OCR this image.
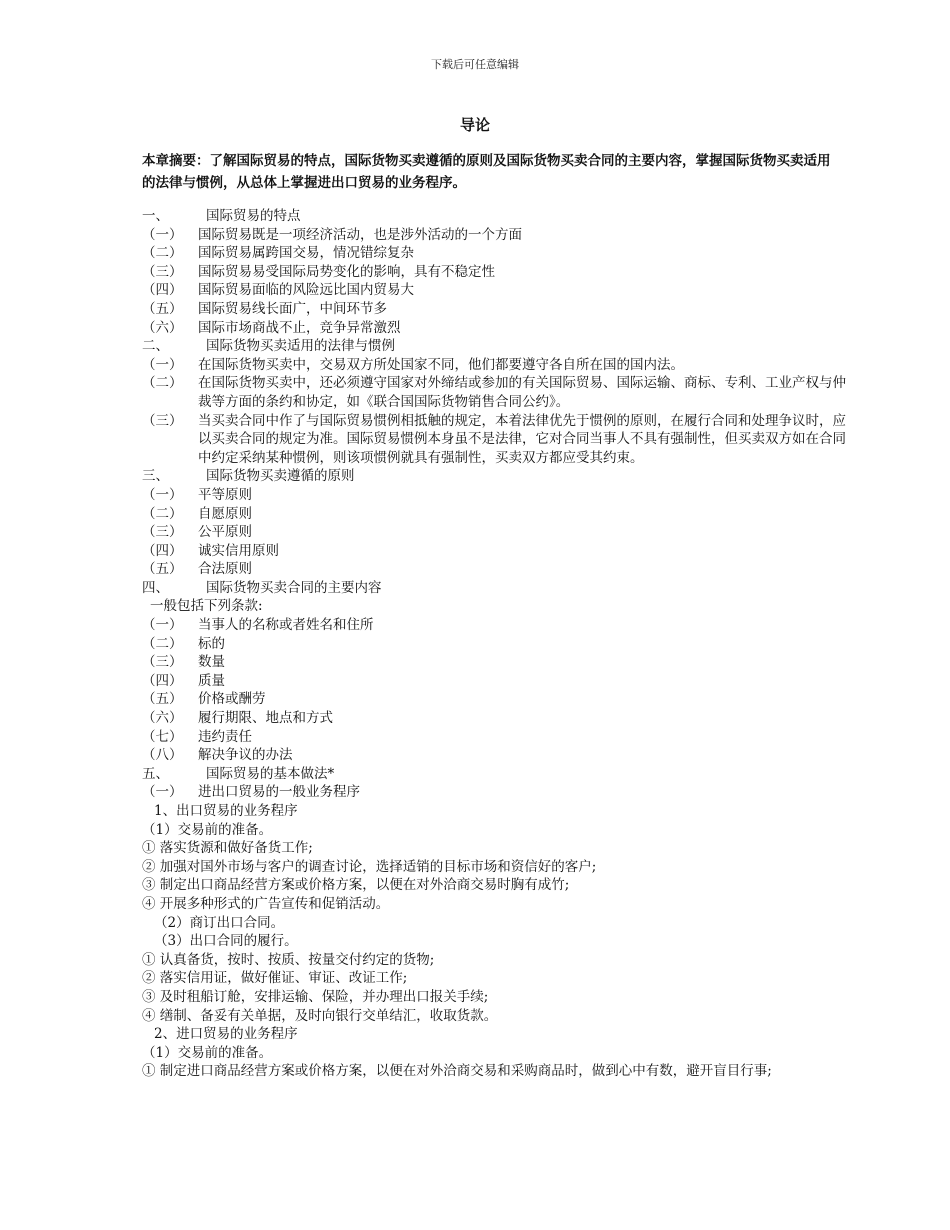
下载后可任意编辑
导论
本章摘要：了解国际贸易的特点，国际货物买卖遵循的原则及国际货物买卖合同的主要内容，掌握国际货物买卖适用的法律与惯例，从总体上掌握进出口贸易的业务程序。
一、	国际贸易的特点
（一）	国际贸易既是一项经济活动，也是涉外活动的一个方面
（二）	国际贸易属跨国交易，情况错综复杂
（三）	国际贸易易受国际局势变化的影响，具有不稳定性
（四）	国际贸易面临的风险远比国内贸易大
（五）	国际贸易线长面广，中间环节多
（六）	国际市场商战不止，竞争异常激烈
二、	国际货物买卖适用的法律与惯例
（一）	在国际货物买卖中，交易双方所处国家不同，他们都要遵守各自所在国的国内法。
（二）	在国际货物买卖中，还必须遵守国家对外缔结或参加的有关国际贸易、国际运输、商标、专利、工业产权与仲裁等方面的条约和协定，如《联合国国际货物销售合同公约》。
（三）	当买卖合同中作了与国际贸易惯例相抵触的规定，本着法律优先于惯例的原则，在履行合同和处理争议时，应以买卖合同的规定为准。国际贸易惯例本身虽不是法律，它对合同当事人不具有强制性，但买卖双方如在合同中约定采纳某种惯例，则该项惯例就具有强制性，买卖双方都应受其约束。
三、	国际货物买卖遵循的原则
（一）	平等原则
（二）	自愿原则
（三）	公平原则
（四）	诚实信用原则
（五）	合法原则
四、	国际货物买卖合同的主要内容
一般包括下列条款:
（一）	当事人的名称或者姓名和住所
（二）	标的
（三）	数量
（四）	质量
（五）	价格或酬劳
（六）	履行期限、地点和方式
（七）	违约责任
（八）	解决争议的办法
五、	国际贸易的基本做法*
（一）	进出口贸易的一般业务程序
1、出口贸易的业务程序
（1）交易前的准备。
① 落实货源和做好备货工作;
② 加强对国外市场与客户的调查讨论，选择适销的目标市场和资信好的客户;
③ 制定出口商品经营方案或价格方案，以便在对外洽商交易时胸有成竹;
④ 开展多种形式的广告宣传和促销活动。
（2）商订出口合同。
（3）出口合同的履行。
① 认真备货，按时、按质、按量交付约定的货物;
② 落实信用证，做好催证、审证、改证工作;
③ 及时租船订舱，安排运输、保险，并办理出口报关手续;
④ 缮制、备妥有关单据，及时向银行交单结汇，收取货款。
2、进口贸易的业务程序
（1）交易前的准备。
① 制定进口商品经营方案或价格方案，以便在对外洽商交易和采购商品时，做到心中有数，避开盲目行事;
